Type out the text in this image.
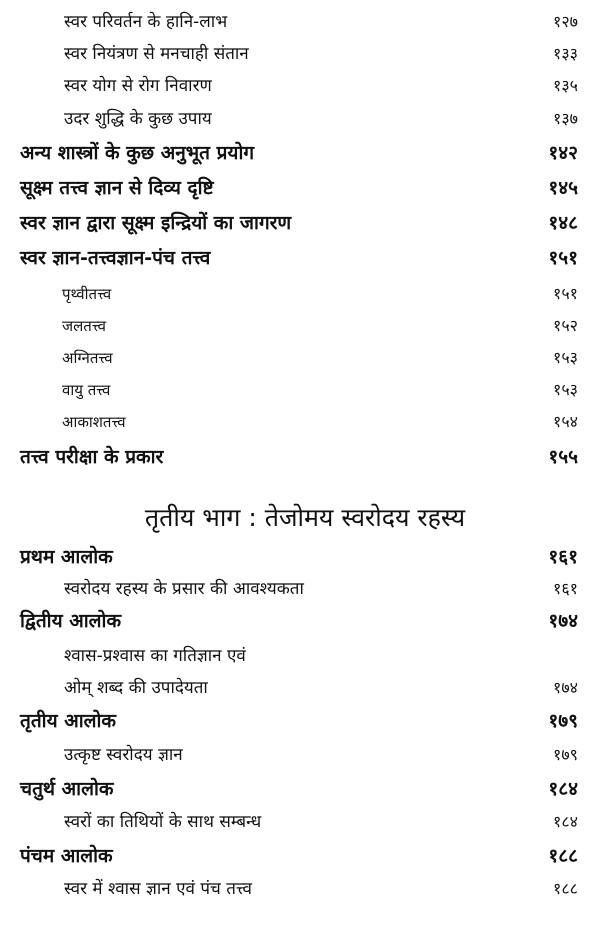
स्वर परिवर्तन के हानि-लाभ	१२७
स्वर नियंत्रण से मनचाही संतान	१३३
स्वर योग से रोग निवारण	१३५
उदर शुद्धि के कुछ उपाय	१३७
अन्य शास्त्रों के कुछ अनुभूत प्रयोग	१४२
सूक्ष्म तत्त्व ज्ञान से दिव्य दृष्टि	१४५
स्वर ज्ञान द्वारा सूक्ष्म इन्द्रियों का जागरण	१४८
स्वर ज्ञान-तत्त्वज्ञान-पंच तत्त्व	१५१
पृथ्वीतत्त्व	१५१
जलतत्त्व	१५२
अग्नितत्त्व	१५३
वायु तत्त्व	१५३
आकाशतत्त्व	१५४
तत्त्व परीक्षा के प्रकार	१५५
तृतीय भाग : तेजोमय स्वरोदय रहस्य
प्रथम आलोक	१६१
स्वरोदय रहस्य के प्रसार की आवश्यकता	१६१
द्वितीय आलोक	१७४
श्वास-प्रश्वास का गतिज्ञान एवं
ओम् शब्द की उपादेयता	१७४
तृतीय आलोक	१७९
उत्कृष्ट स्वरोदय ज्ञान	१७९
चतुर्थ आलोक	१८४
स्वरों का तिथियों के साथ सम्बन्ध	१८४
पंचम आलोक	१८८
स्वर में श्वास ज्ञान एवं पंच तत्त्व	१८८
